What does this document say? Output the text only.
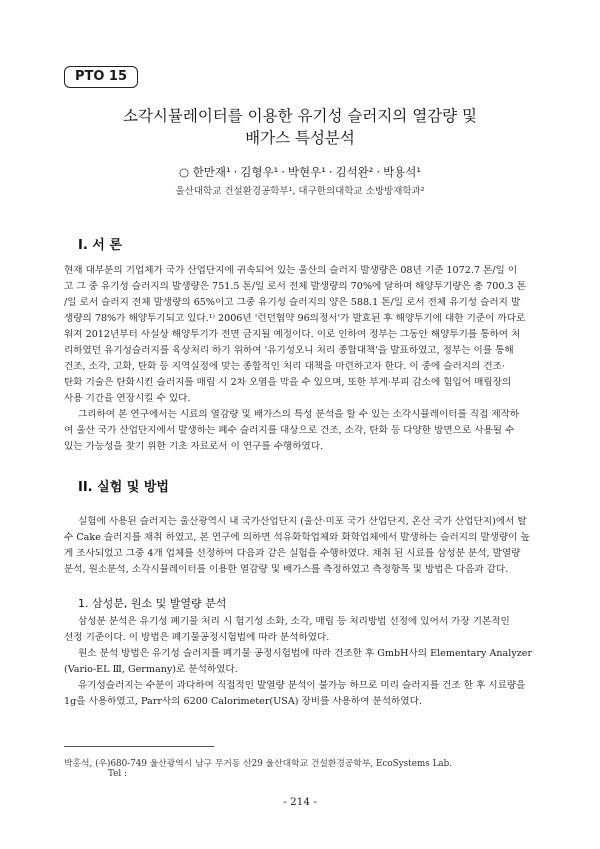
PTO 15
소각시뮬레이터를 이용한 유기성 슬러지의 열감량 및
배가스 특성분석
○ 한만재¹ · 김형우¹ · 박현우¹ · 김석완² · 박용석¹
울산대학교 건설환경공학부¹, 대구한의대학교 소방방재학과²
I. 서 론
현재 대부분의 기업체가 국가 산업단지에 귀속되어 있는 울산의 슬러지 발생량은 08년 기준 1072.7 톤/일 이
고 그 중 유기성 슬러지의 발생량은 751.5 톤/일 로서 전체 발생량의 70%에 달하며 해양투기량은 총 700.3 톤
/일 로서 슬러지 전체 발생량의 65%이고 그중 유기성 슬러지의 양은 588.1 톤/일 로서 전체 유기성 슬러지 발
생량의 78%가 해양투기되고 있다.¹⁾ 2006년 '런던협약 96의정서'가 발효된 후 해양투기에 대한 기준이 까다로
워져 2012년부터 사실상 해양투기가 전면 금지될 예정이다. 이로 인하여 정부는 그동안 해양투기를 통하여 처
리하였던 유기성슬러지를 육상처리 하기 위하여 '유기성오니 처리 종합대책'을 발표하였고, 정부는 이를 통해
건조, 소각, 고화, 탄화 등 지역실정에 맞는 종합적인 처리 대책을 마련하고자 한다. 이 중에 슬러지의 건조·
탄화 기술은 탄화시킨 슬러지를 매립 시 2차 오염을 막을 수 있으며, 또한 부게·부피 감소에 힘입어 매립장의
사용 기간을 연장시킬 수 있다.
그리하여 본 연구에서는 시료의 열감량 및 배가스의 특성 분석을 할 수 있는 소각시뮬레이터를 직접 제작하
여 울산 국가 산업단지에서 발생하는 폐수 슬러지를 대상으로 건조, 소각, 탄화 등 다양한 방면으로 사용될 수
있는 가능성을 찾기 위한 기초 자료로서 이 연구를 수행하였다.
II. 실험 및 방법
실험에 사용된 슬러지는 울산광역시 내 국가산업단지 (울산·미포 국가 산업단지, 온산 국가 산업단지)에서 탈
수 Cake 슬러지를 채취 하였고, 본 연구에 의하면 석유화학업체와 화학업체에서 발생하는 슬러지의 발생량이 높
게 조사되었고 그중 4개 업체를 선정하여 다음과 같은 실험을 수행하였다. 채취 된 시료를 삼성분 분석, 발열량
분석, 원소분석, 소각시뮬레이터를 이용한 열감량 및 배가스를 측정하였고 측정항목 및 방법은 다음과 같다.
1. 삼성분, 원소 및 발열량 분석
삼성분 분석은 유기성 폐기물 처리 시 험기성 소화, 소각, 매립 등 처리방법 선정에 있어서 가장 기본적인
선정 기준이다. 이 방법은 폐기물공정시험법에 따라 분석하였다.
원소 분석 방법은 유기성 슬러지를 폐기물 공정시험법에 따라 건조한 후 GmbH사의 Elementary Analyzer
(Vario-EL Ⅲ, Germany)로 분석하였다.
유기성슬러지는 수분이 과다하여 직접적인 발열량 분석이 불가능 하므로 미리 슬러지를 건조 한 후 시료량을
1g을 사용하였고, Parr사의 6200 Calorimeter(USA) 장비를 사용하여 분석하였다.
박홍석, (우)680-749 울산광역시 남구 무거동 산29 울산대학교 건설환경공학부, EcoSystems Lab.
Tel :
- 214 -
